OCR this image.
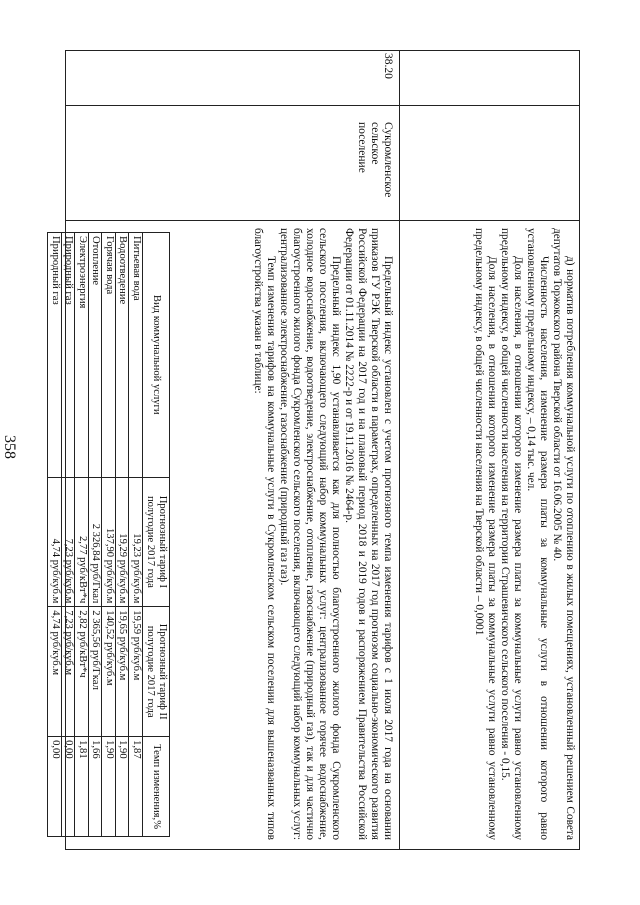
358	д) норматив потребления коммунальной услуги по отоплению в жилых помещениях, установленный решением Совета депутатов Торжокского района Тверской области от 16.06.2005 № 40.

Численность населения, изменение размера платы за коммунальные услуги в отношении которого равно установленному предельному индексу, – 0,14 тыс. чел.

Доля населения, в отношении которого изменение размера платы за коммунальные услуги равно установленному предельному индексу, в общей численности населения на территории Страшевичского сельского поселения - 0,15.

Доля населения, в отношении которого изменение размера платы за коммунальные услуги равно установленному предельному индексу, в общей численности населения на Тверской области – 0,0001

38.20
Сукромленское сельское поселение

Предельный индекс установлен с учетом прогнозного темпа изменения тарифов с 1 июля 2017 года на основании приказов ГУ РЭК Тверской области в параметрах, определенных на 2017 год прогнозом социально-экономического развития Российской Федерации на 2017 год и на плановый период 2018 и 2019 годов и распоряжением Правительства Российской Федерации от 01.11.2014 № 2222-р и от 19.11.2016 № 2464-р.

Предельный индекс 1,90 устанавливается как для полностью благоустроенного жилого фонда Сукромленского сельского поселения, включающего следующий набор коммунальных услуг: централизованное горячее водоснабжение, холодное водоснабжение, водоотведение, электроснабжение, отопление, газоснабжение (природный газ), так и для частично благоустроенного жилого фонда Сукромленского сельского поселения, включающего следующий набор коммунальных услуг: централизованное электроснабжение, газоснабжение (природный газ газ).

Темп изменения тарифов на коммунальные услуги в Сукромленском сельском поселении для вышеназванных типов благоустройства указан в таблице:

Вид коммунальной услуги	Прогнозный тариф I полугодие 2017 года	Прогнозный тариф II полугодие 2017 года	Темп изменения,%
Питьевая вода	19,23 руб/куб.м	19,59 руб/куб.м	1,87
Водоотведение	19,29 руб/куб.м	19,65 руб/куб.м	1,90
Горячая вода	137,90 руб/куб.м	140,52 руб/куб.м	1,90
Отопление	2 326,84 руб/Гкал	2 365,56 руб/Гкал	1,66
Электроэнергия	2,77 руб/кВт*ч	2,82 руб/кВт*ч	1,81
Природный газ	7,23 руб/куб.м	7,23 руб/куб.м	0,00
Природный газ	4,74 руб/куб.м	4,74 руб/куб.м	0,00
